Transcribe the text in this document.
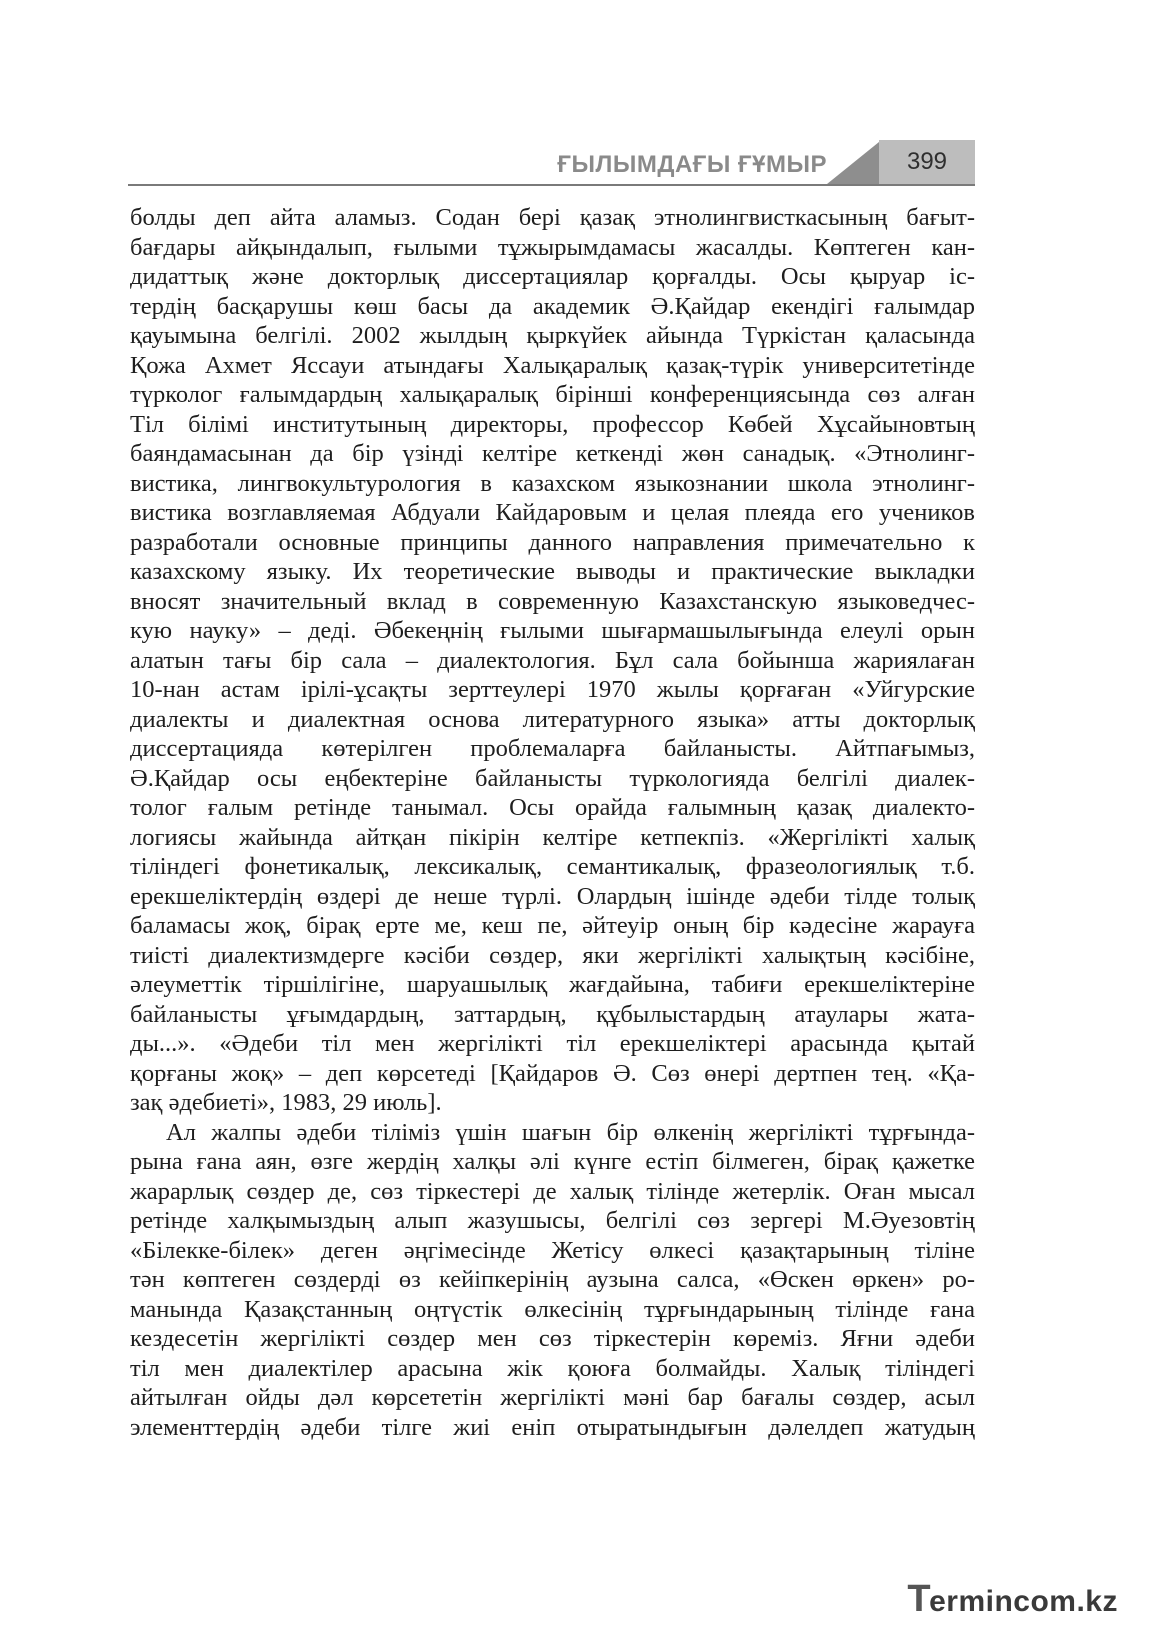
ҒЫЛЫМДАҒЫ ҒҰМЫР	399
болды деп айта аламыз. Содан бері қазақ этнолингвисткасының бағыт-
бағдары айқындалып, ғылыми тұжырымдамасы жасалды. Көптеген кан-
дидаттық және докторлық диссертациялар қорғалды. Осы қыруар іс-
тердің басқарушы көш басы да академик Ә.Қайдар екендігі ғалымдар
қауымына белгілі. 2002 жылдың қыркүйек айында Түркістан қаласында
Қожа Ахмет Яссауи атындағы Халықаралық қазақ-түрік университетінде
түрколог ғалымдардың халықаралық бірінші конференциясында сөз алған
Тіл білімі институтының директоры, профессор Көбей Хұсайыновтың
баяндамасынан да бір үзінді келтіре кеткенді жөн санадық. «Этнолинг-
вистика, лингвокультурология в казахском языкознании школа этнолинг-
вистика возглавляемая Абдуали Кайдаровым и целая плеяда его учеников
разработали основные принципы данного направления примечательно к
казахскому языку. Их теоретические выводы и практические выкладки
вносят значительный вклад в современную Казахстанскую языковедчес-
кую науку» – деді. Әбекеңнің ғылыми шығармашылығында елеулі орын
алатын тағы бір сала – диалектология. Бұл сала бойынша жариялаған
10-нан астам ірілі-ұсақты зерттеулері 1970 жылы қорғаған «Уйгурские
диалекты и диалектная основа литературного языка» атты докторлық
диссертацияда көтерілген проблемаларға байланысты. Айтпағымыз,
Ә.Қайдар осы еңбектеріне байланысты түркологияда белгілі диалек-
толог ғалым ретінде танымал. Осы орайда ғалымның қазақ диалекто-
логиясы жайында айтқан пікірін келтіре кетпекпіз. «Жергілікті халық
тіліндегі фонетикалық, лексикалық, семантикалық, фразеологиялық т.б.
ерекшеліктердің өздері де неше түрлі. Олардың ішінде әдеби тілде толық
баламасы жоқ, бірақ ерте ме, кеш пе, әйтеуір оның бір кәдесіне жарауға
тиісті диалектизмдерге кәсіби сөздер, яки жергілікті халықтың кәсібіне,
әлеуметтік тіршілігіне, шаруашылық жағдайына, табиғи ерекшеліктеріне
байланысты ұғымдардың, заттардың, құбылыстардың атаулары жата-
ды...». «Әдеби тіл мен жергілікті тіл ерекшеліктері арасында қытай
қорғаны жоқ» – деп көрсетеді [Қайдаров Ә. Сөз өнері дертпен тең. «Қа-
зақ әдебиеті», 1983, 29 июль].
Ал жалпы әдеби тіліміз үшін шағын бір өлкенің жергілікті тұрғында-
рына ғана аян, өзге жердің халқы әлі күнге естіп білмеген, бірақ қажетке
жарарлық сөздер де, сөз тіркестері де халық тілінде жетерлік. Оған мысал
ретінде халқымыздың алып жазушысы, белгілі сөз зергері М.Әуезовтің
«Білекке-білек» деген әңгімесінде Жетісу өлкесі қазақтарының тіліне
тән көптеген сөздерді өз кейіпкерінің аузына салса, «Өскен өркен» ро-
манында Қазақстанның оңтүстік өлкесінің тұрғындарының тілінде ғана
кездесетін жергілікті сөздер мен сөз тіркестерін көреміз. Яғни әдеби
тіл мен диалектілер арасына жік қоюға болмайды. Халық тіліндегі
айтылған ойды дәл көрсететін жергілікті мәні бар бағалы сөздер, асыл
элементтердің әдеби тілге жиі еніп отыратындығын дәлелдеп жатудың
Termincom.kz
